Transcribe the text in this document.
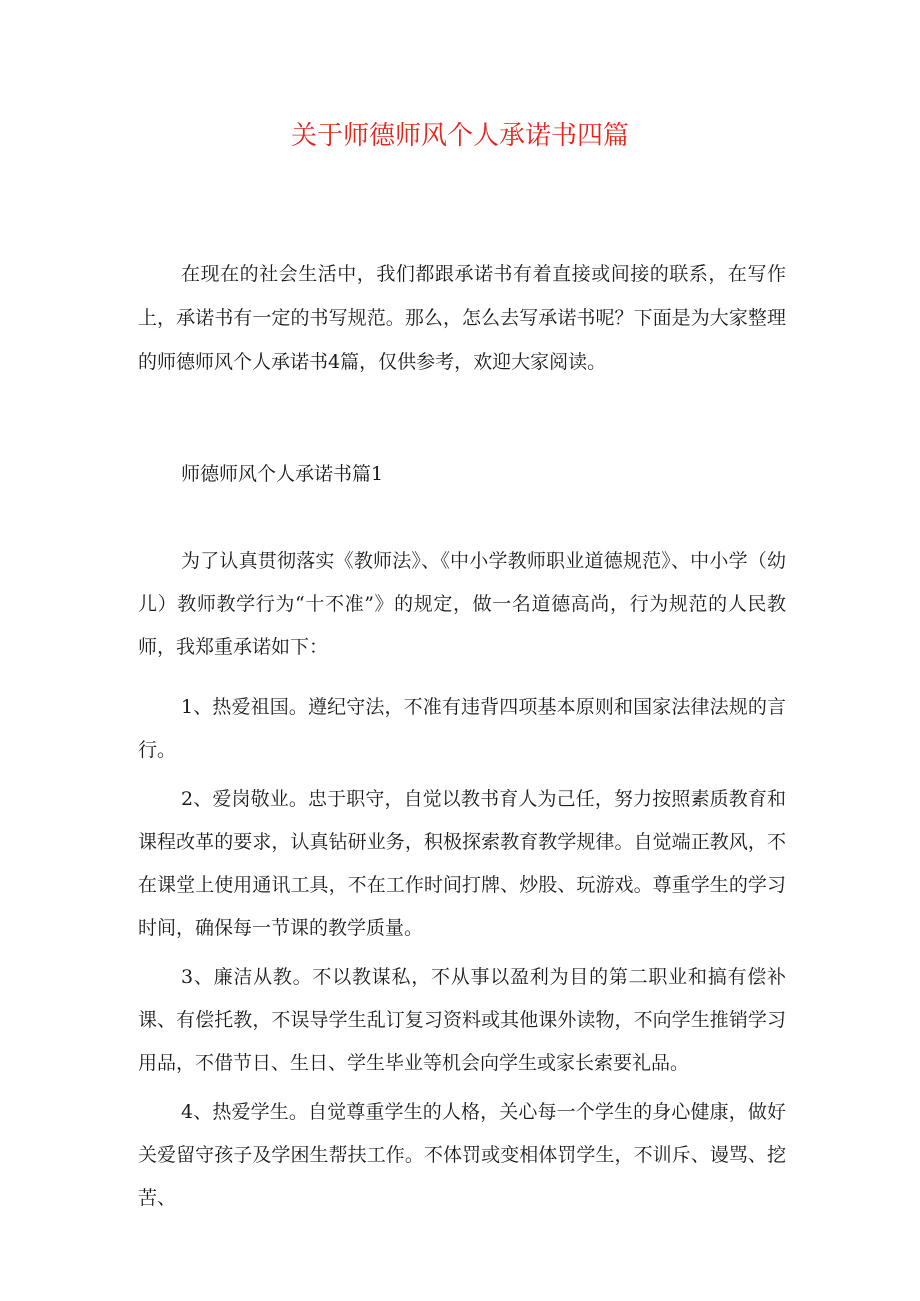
关于师德师风个人承诺书四篇

在现在的社会生活中，我们都跟承诺书有着直接或间接的联系，在写作上，承诺书有一定的书写规范。那么，怎么去写承诺书呢？下面是为大家整理的师德师风个人承诺书4篇，仅供参考，欢迎大家阅读。

师德师风个人承诺书篇1

为了认真贯彻落实《教师法》、《中小学教师职业道德规范》、中小学（幼儿）教师教学行为“十不准”》的规定，做一名道德高尚，行为规范的人民教师，我郑重承诺如下：

1、热爱祖国。遵纪守法，不准有违背四项基本原则和国家法律法规的言行。
2、爱岗敬业。忠于职守，自觉以教书育人为己任，努力按照素质教育和课程改革的要求，认真钻研业务，积极探索教育教学规律。自觉端正教风，不在课堂上使用通讯工具，不在工作时间打牌、炒股、玩游戏。尊重学生的学习时间，确保每一节课的教学质量。
3、廉洁从教。不以教谋私，不从事以盈利为目的第二职业和搞有偿补课、有偿托教，不误导学生乱订复习资料或其他课外读物，不向学生推销学习用品，不借节日、生日、学生毕业等机会向学生或家长索要礼品。
4、热爱学生。自觉尊重学生的人格，关心每一个学生的身心健康，做好关爱留守孩子及学困生帮扶工作。不体罚或变相体罚学生，不训斥、谩骂、挖苦、
